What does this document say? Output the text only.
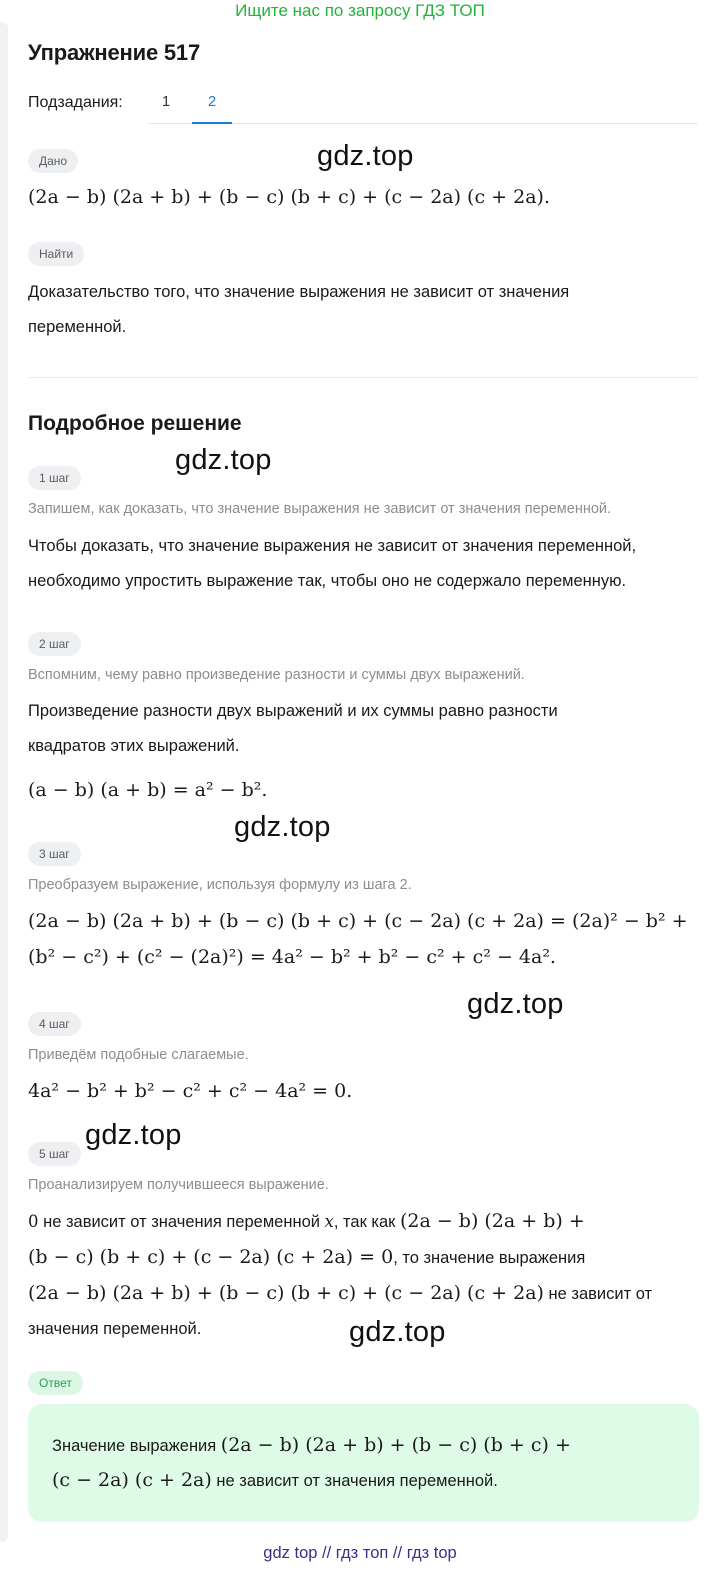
Ищите нас по запросу ГДЗ ТОП
Упражнение 517
Подзадания:	1	2
Дано
(2a − b) (2a + b) + (b − c) (b + c) + (c − 2a) (c + 2a).
Найти
Доказательство того, что значение выражения не зависит от значения
переменной.
Подробное решение
1 шаг
Запишем, как доказать, что значение выражения не зависит от значения переменной.
Чтобы доказать, что значение выражения не зависит от значения переменной,
необходимо упростить выражение так, чтобы оно не содержало переменную.
2 шаг
Вспомним, чему равно произведение разности и суммы двух выражений.
Произведение разности двух выражений и их суммы равно разности
квадратов этих выражений.
(a − b) (a + b) = a² − b².
3 шаг
Преобразуем выражение, используя формулу из шага 2.
(2a − b) (2a + b) + (b − c) (b + c) + (c − 2a) (c + 2a) = (2a)² − b² +
(b² − c²) + (c² − (2a)²) = 4a² − b² + b² − c² + c² − 4a².
4 шаг
Приведём подобные слагаемые.
4a² − b² + b² − c² + c² − 4a² = 0.
5 шаг
Проанализируем получившееся выражение.
0 не зависит от значения переменной x, так как (2a − b) (2a + b) +
(b − c) (b + c) + (c − 2a) (c + 2a) = 0, то значение выражения
(2a − b) (2a + b) + (b − c) (b + c) + (c − 2a) (c + 2a) не зависит от
значения переменной.
Ответ
Значение выражения (2a − b) (2a + b) + (b − c) (b + c) +
(c − 2a) (c + 2a) не зависит от значения переменной.
gdz.top
gdz.top
gdz.top
gdz.top
gdz.top
gdz.top
gdz top // гдз топ // гдз top
